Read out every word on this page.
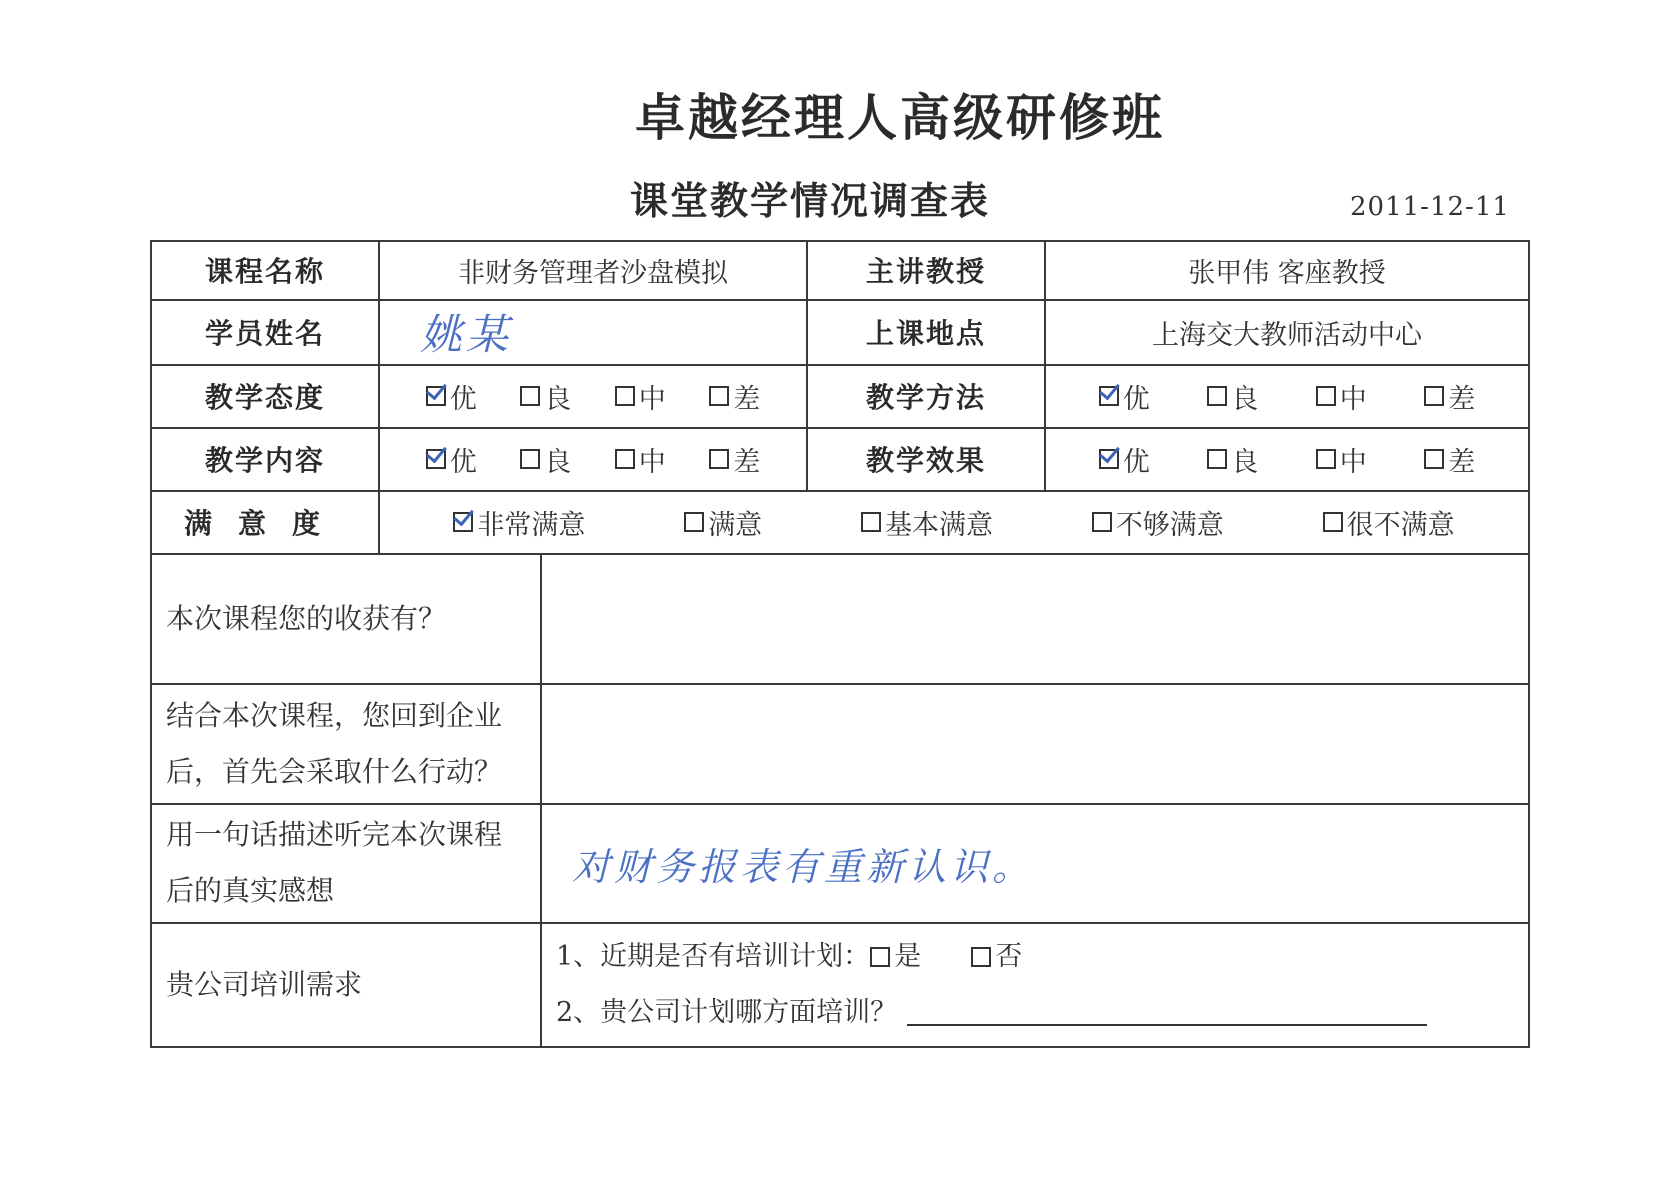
卓越经理人高级研修班
课堂教学情况调查表	2011-12-11
课程名称	非财务管理者沙盘模拟		主讲教授	张甲伟 客座教授
学员姓名	姚某		上课地点	上海交大教师活动中心
教学态度	优 良 中 差		教学方法	优 良 中 差

教学内容	优 良 中 差		教学效果	优 良 中 差

满意度	非常满意 满意 基本满意 不够满意 很不满意			

本次课程您的收获有？				

结合本次课程，您回到企业
后，首先会采取什么行动？				

用一句话描述听完本次课程
后的真实感想		对财务报表有重新认识。		
贵公司培训需求		1、近期是否有培训计划： 是 否
2、贵公司计划哪方面培训？		
